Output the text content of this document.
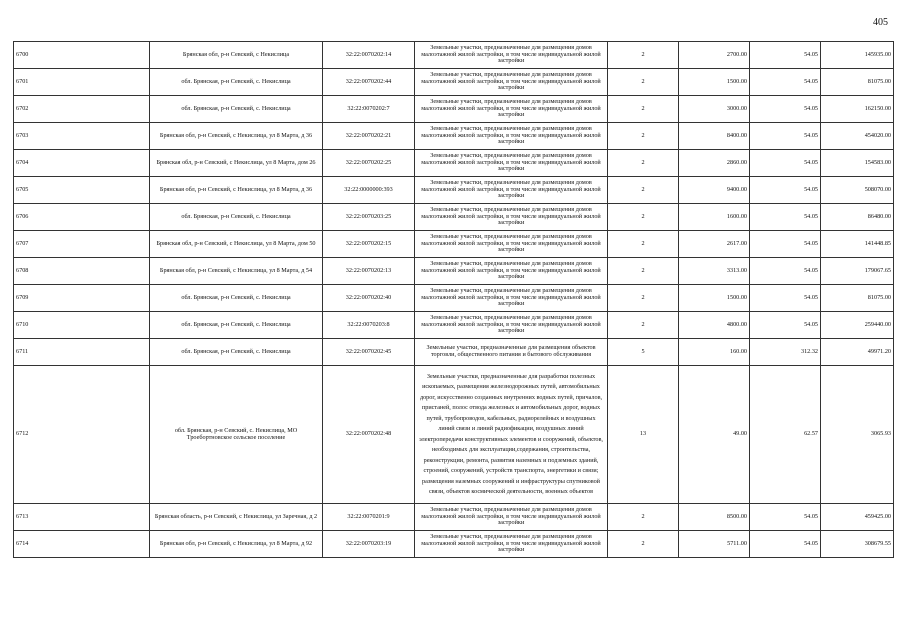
405
6700	Брянская обл, р-н Севский, с Некислица	32:22:0070202:14	Земельные участки, предназначенные для размещения домов малоэтажной жилой застройки, в том числе индивидуальной жилой застройки	2	2700.00	54.05	145935.00
6701	обл. Брянская, р-н Севский, с. Некислица	32:22:0070202:44	Земельные участки, предназначенные для размещения домов малоэтажной жилой застройки, в том числе индивидуальной жилой застройки	2	1500.00	54.05	81075.00
6702	обл. Брянская, р-н Севский, с. Некислица	32:22:0070202:7	Земельные участки, предназначенные для размещения домов малоэтажной жилой застройки, в том числе индивидуальной жилой застройки	2	3000.00	54.05	162150.00
6703	Брянская обл, р-н Севский, с Некислица, ул 8 Марта, д 36	32:22:0070202:21	Земельные участки, предназначенные для размещения домов малоэтажной жилой застройки, в том числе индивидуальной жилой застройки	2	8400.00	54.05	454020.00
6704	Брянская обл, р-н Севский, с Некислица, ул 8 Марта, дом 26	32:22:0070202:25	Земельные участки, предназначенные для размещения домов малоэтажной жилой застройки, в том числе индивидуальной жилой застройки	2	2860.00	54.05	154583.00
6705	Брянская обл, р-н Севский, с Некислица, ул 8 Марта, д 36	32:22:0000000:393	Земельные участки, предназначенные для размещения домов малоэтажной жилой застройки, в том числе индивидуальной жилой застройки	2	9400.00	54.05	508070.00
6706	обл. Брянская, р-н Севский, с. Некислица	32:22:0070203:25	Земельные участки, предназначенные для размещения домов малоэтажной жилой застройки, в том числе индивидуальной жилой застройки	2	1600.00	54.05	86480.00
6707	Брянская обл, р-н Севский, с Некислица, ул 8 Марта, дом 50	32:22:0070202:15	Земельные участки, предназначенные для размещения домов малоэтажной жилой застройки, в том числе индивидуальной жилой застройки	2	2617.00	54.05	141448.85
6708	Брянская обл, р-н Севский, с Некислица, ул 8 Марта, д 54	32:22:0070202:13	Земельные участки, предназначенные для размещения домов малоэтажной жилой застройки, в том числе индивидуальной жилой застройки	2	3313.00	54.05	179067.65
6709	обл. Брянская, р-н Севский, с. Некислица	32:22:0070202:40	Земельные участки, предназначенные для размещения домов малоэтажной жилой застройки, в том числе индивидуальной жилой застройки	2	1500.00	54.05	81075.00
6710	обл. Брянская, р-н Севский, с. Некислица	32:22:0070203:8	Земельные участки, предназначенные для размещения домов малоэтажной жилой застройки, в том числе индивидуальной жилой застройки	2	4800.00	54.05	259440.00
6711	обл. Брянская, р-н Севский, с. Некислица	32:22:0070202:45	Земельные участки, предназначенные для размещения объектов торговли, общественного питания и бытового обслуживания	5	160.00	312.32	49971.20
6712	обл. Брянская, р-н Севский, с. Некислица, МО Троебортновское сельское поселение	32:22:0070202:48	Земельные участки, предназначенные для разработки полезных ископаемых, размещения железнодорожных путей, автомобильных дорог, искусственно созданных внутренних водных путей, причалов, пристаней, полос отвода железных и автомобильных дорог, водных путей, трубопроводов, кабельных, радиорелейных и воздушных линий связи и линий радиофикации, воздушных линий электропередачи конструктивных элементов и сооружений, объектов, необходимых для эксплуатации,содержания, строительства, реконструкции, ремонта, развития наземных и подземных зданий, строений, сооружений, устройств транспорта, энергетики и связи; размещения наземных сооружений и инфраструктуры спутниковой связи, объектов космической деятельности, военных объектов	13	49.00	62.57	3065.93
6713	Брянская область, р-н Севский, с Некислица, ул Заречная, д 2	32:22:0070201:9	Земельные участки, предназначенные для размещения домов малоэтажной жилой застройки, в том числе индивидуальной жилой застройки	2	8500.00	54.05	459425.00
6714	Брянская обл, р-н Севский, с Некислица, ул 8 Марта, д 92	32:22:0070203:19	Земельные участки, предназначенные для размещения домов малоэтажной жилой застройки, в том числе индивидуальной жилой застройки	2	5711.00	54.05	308679.55
